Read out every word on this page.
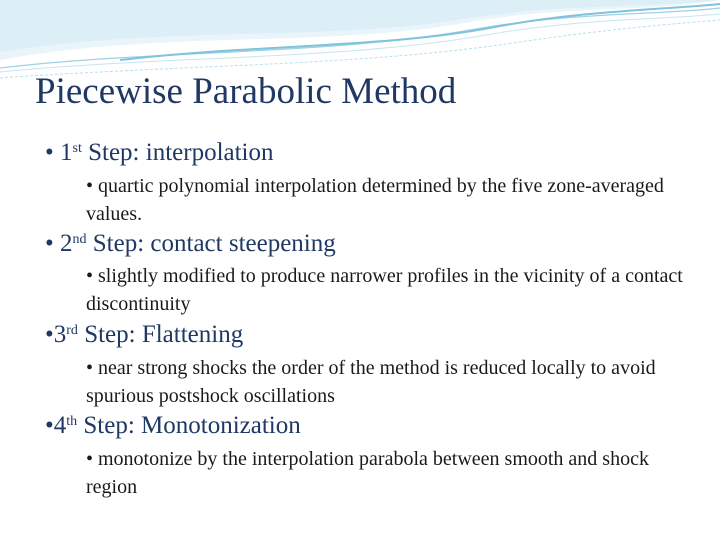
Piecewise Parabolic Method
• 1st Step: interpolation
• quartic polynomial interpolation determined by the five zone-averaged values.
• 2nd Step: contact steepening
• slightly modified to produce narrower profiles in the vicinity of a contact discontinuity
•3rd Step: Flattening
• near strong shocks the order of the method is reduced locally to avoid spurious postshock oscillations
•4th Step: Monotonization
• monotonize by the interpolation parabola between smooth and shock region
